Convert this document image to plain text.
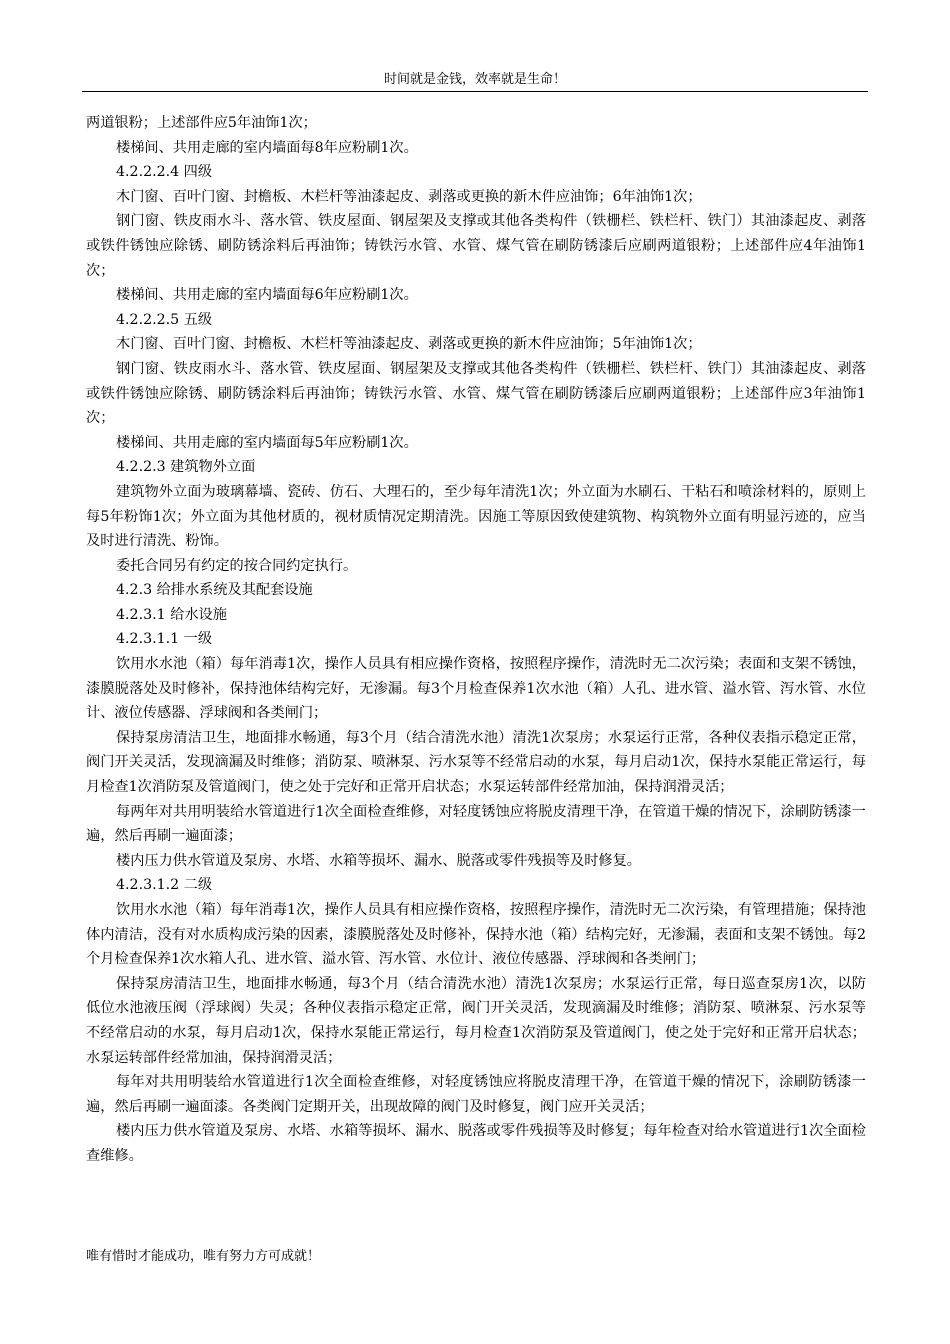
时间就是金钱，效率就是生命！

两道银粉；上述部件应5年油饰1次；

楼梯间、共用走廊的室内墙面每8年应粉刷1次。

4.2.2.2.4 四级

木门窗、百叶门窗、封檐板、木栏杆等油漆起皮、剥落或更换的新木件应油饰；6年油饰1次；

钢门窗、铁皮雨水斗、落水管、铁皮屋面、钢屋架及支撑或其他各类构件（铁栅栏、铁栏杆、铁门）其油漆起皮、剥落或铁件锈蚀应除锈、刷防锈涂料后再油饰；铸铁污水管、水管、煤气管在刷防锈漆后应刷两道银粉；上述部件应4年油饰1次；

楼梯间、共用走廊的室内墙面每6年应粉刷1次。

4.2.2.2.5 五级

木门窗、百叶门窗、封檐板、木栏杆等油漆起皮、剥落或更换的新木件应油饰；5年油饰1次；

钢门窗、铁皮雨水斗、落水管、铁皮屋面、钢屋架及支撑或其他各类构件（铁栅栏、铁栏杆、铁门）其油漆起皮、剥落或铁件锈蚀应除锈、刷防锈涂料后再油饰；铸铁污水管、水管、煤气管在刷防锈漆后应刷两道银粉；上述部件应3年油饰1次；

楼梯间、共用走廊的室内墙面每5年应粉刷1次。

4.2.2.3 建筑物外立面

建筑物外立面为玻璃幕墙、瓷砖、仿石、大理石的，至少每年清洗1次；外立面为水刷石、干粘石和喷涂材料的，原则上每5年粉饰1次；外立面为其他材质的，视材质情况定期清洗。因施工等原因致使建筑物、构筑物外立面有明显污迹的，应当及时进行清洗、粉饰。

委托合同另有约定的按合同约定执行。

4.2.3 给排水系统及其配套设施

4.2.3.1 给水设施

4.2.3.1.1 一级

饮用水水池（箱）每年消毒1次，操作人员具有相应操作资格，按照程序操作，清洗时无二次污染；表面和支架不锈蚀，漆膜脱落处及时修补，保持池体结构完好，无渗漏。每3个月检查保养1次水池（箱）人孔、进水管、溢水管、泻水管、水位计、液位传感器、浮球阀和各类闸门；

保持泵房清洁卫生，地面排水畅通，每3个月（结合清洗水池）清洗1次泵房；水泵运行正常，各种仪表指示稳定正常，阀门开关灵活，发现滴漏及时维修；消防泵、喷淋泵、污水泵等不经常启动的水泵，每月启动1次，保持水泵能正常运行，每月检查1次消防泵及管道阀门，使之处于完好和正常开启状态；水泵运转部件经常加油，保持润滑灵活；

每两年对共用明装给水管道进行1次全面检查维修，对轻度锈蚀应将脱皮清理干净，在管道干燥的情况下，涂刷防锈漆一遍，然后再刷一遍面漆；

楼内压力供水管道及泵房、水塔、水箱等损坏、漏水、脱落或零件残损等及时修复。

4.2.3.1.2 二级

饮用水水池（箱）每年消毒1次，操作人员具有相应操作资格，按照程序操作，清洗时无二次污染，有管理措施；保持池体内清洁，没有对水质构成污染的因素，漆膜脱落处及时修补，保持水池（箱）结构完好，无渗漏，表面和支架不锈蚀。每2个月检查保养1次水箱人孔、进水管、溢水管、泻水管、水位计、液位传感器、浮球阀和各类闸门；

保持泵房清洁卫生，地面排水畅通，每3个月（结合清洗水池）清洗1次泵房；水泵运行正常，每日巡查泵房1次，以防低位水池液压阀（浮球阀）失灵；各种仪表指示稳定正常，阀门开关灵活，发现滴漏及时维修；消防泵、喷淋泵、污水泵等不经常启动的水泵，每月启动1次，保持水泵能正常运行，每月检查1次消防泵及管道阀门，使之处于完好和正常开启状态；水泵运转部件经常加油，保持润滑灵活；

每年对共用明装给水管道进行1次全面检查维修，对轻度锈蚀应将脱皮清理干净，在管道干燥的情况下，涂刷防锈漆一遍，然后再刷一遍面漆。各类阀门定期开关，出现故障的阀门及时修复，阀门应开关灵活；

楼内压力供水管道及泵房、水塔、水箱等损坏、漏水、脱落或零件残损等及时修复；每年检查对给水管道进行1次全面检查维修。

唯有惜时才能成功，唯有努力方可成就！
